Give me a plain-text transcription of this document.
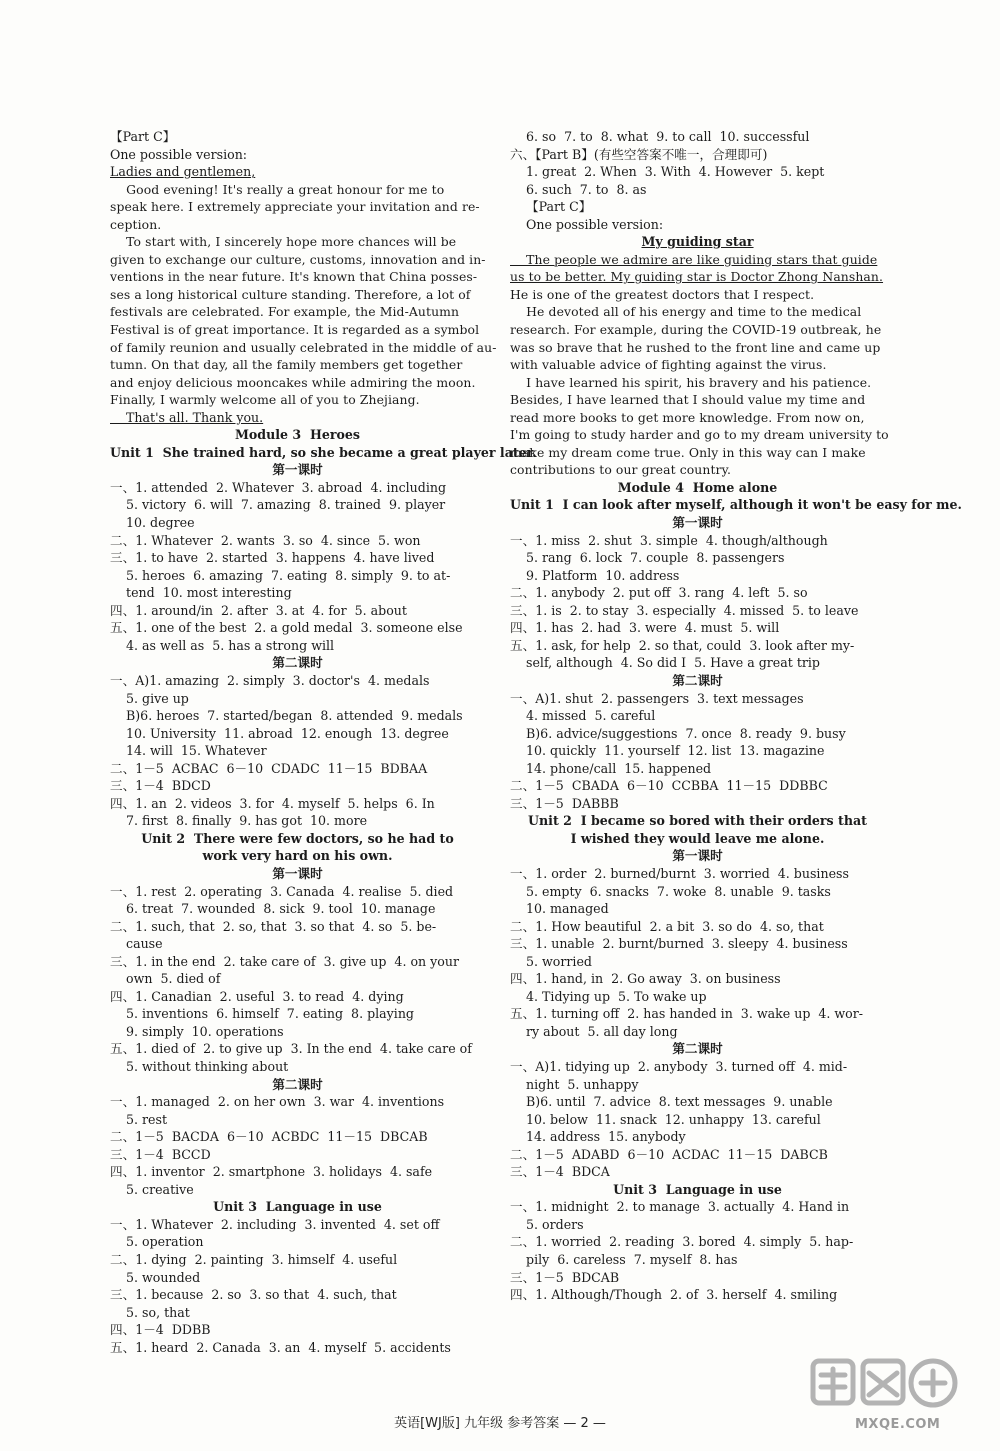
【Part C】
One possible version:
Ladies and gentlemen,
Good evening! It's really a great honour for me to
speak here. I extremely appreciate your invitation and re-
ception.
To start with, I sincerely hope more chances will be
given to exchange our culture, customs, innovation and in-
ventions in the near future. It's known that China posses-
ses a long historical culture standing. Therefore, a lot of
festivals are celebrated. For example, the Mid-Autumn
Festival is of great importance. It is regarded as a symbol
of family reunion and usually celebrated in the middle of au-
tumn. On that day, all the family members get together
and enjoy delicious mooncakes while admiring the moon.
Finally, I warmly welcome all of you to Zhejiang.
That's all. Thank you.
Module 3  Heroes
Unit 1  She trained hard, so she became a great player later.
第一课时
一、1. attended  2. Whatever  3. abroad  4. including
5. victory  6. will  7. amazing  8. trained  9. player
10. degree
二、1. Whatever  2. wants  3. so  4. since  5. won
三、1. to have  2. started  3. happens  4. have lived
5. heroes  6. amazing  7. eating  8. simply  9. to at-
tend  10. most interesting
四、1. around/in  2. after  3. at  4. for  5. about
五、1. one of the best  2. a gold medal  3. someone else
4. as well as  5. has a strong will
第二课时
一、A)1. amazing  2. simply  3. doctor's  4. medals
5. give up
B)6. heroes  7. started/began  8. attended  9. medals
10. University  11. abroad  12. enough  13. degree
14. will  15. Whatever
二、1－5  ACBAC  6－10  CDADC  11－15  BDBAA
三、1－4  BDCD
四、1. an  2. videos  3. for  4. myself  5. helps  6. In
7. first  8. finally  9. has got  10. more
Unit 2  There were few doctors, so he had to
work very hard on his own.
第一课时
一、1. rest  2. operating  3. Canada  4. realise  5. died
6. treat  7. wounded  8. sick  9. tool  10. manage
二、1. such, that  2. so, that  3. so that  4. so  5. be-
cause
三、1. in the end  2. take care of  3. give up  4. on your
own  5. died of
四、1. Canadian  2. useful  3. to read  4. dying
5. inventions  6. himself  7. eating  8. playing
9. simply  10. operations
五、1. died of  2. to give up  3. In the end  4. take care of
5. without thinking about
第二课时
一、1. managed  2. on her own  3. war  4. inventions
5. rest
二、1－5  BACDA  6－10  ACBDC  11－15  DBCAB
三、1－4  BCCD
四、1. inventor  2. smartphone  3. holidays  4. safe
5. creative
Unit 3  Language in use
一、1. Whatever  2. including  3. invented  4. set off
5. operation
二、1. dying  2. painting  3. himself  4. useful
5. wounded
三、1. because  2. so  3. so that  4. such, that
5. so, that
四、1－4  DDBB
五、1. heard  2. Canada  3. an  4. myself  5. accidents
6. so  7. to  8. what  9. to call  10. successful
六、【Part B】(有些空答案不唯一，合理即可)
1. great  2. When  3. With  4. However  5. kept
6. such  7. to  8. as
【Part C】
One possible version:
My guiding star
The people we admire are like guiding stars that guide
us to be better. My guiding star is Doctor Zhong Nanshan.
He is one of the greatest doctors that I respect.
He devoted all of his energy and time to the medical
research. For example, during the COVID-19 outbreak, he
was so brave that he rushed to the front line and came up
with valuable advice of fighting against the virus.
I have learned his spirit, his bravery and his patience.
Besides, I have learned that I should value my time and
read more books to get more knowledge. From now on,
I'm going to study harder and go to my dream university to
make my dream come true. Only in this way can I make
contributions to our great country.
Module 4  Home alone
Unit 1  I can look after myself, although it won't be easy for me.
第一课时
一、1. miss  2. shut  3. simple  4. though/although
5. rang  6. lock  7. couple  8. passengers
9. Platform  10. address
二、1. anybody  2. put off  3. rang  4. left  5. so
三、1. is  2. to stay  3. especially  4. missed  5. to leave
四、1. has  2. had  3. were  4. must  5. will
五、1. ask, for help  2. so that, could  3. look after my-
self, although  4. So did I  5. Have a great trip
第二课时
一、A)1. shut  2. passengers  3. text messages
4. missed  5. careful
B)6. advice/suggestions  7. once  8. ready  9. busy
10. quickly  11. yourself  12. list  13. magazine
14. phone/call  15. happened
二、1－5  CBADA  6－10  CCBBA  11－15  DDBBC
三、1－5  DABBB
Unit 2  I became so bored with their orders that
I wished they would leave me alone.
第一课时
一、1. order  2. burned/burnt  3. worried  4. business
5. empty  6. snacks  7. woke  8. unable  9. tasks
10. managed
二、1. How beautiful  2. a bit  3. so do  4. so, that
三、1. unable  2. burnt/burned  3. sleepy  4. business
5. worried
四、1. hand, in  2. Go away  3. on business
4. Tidying up  5. To wake up
五、1. turning off  2. has handed in  3. wake up  4. wor-
ry about  5. all day long
第二课时
一、A)1. tidying up  2. anybody  3. turned off  4. mid-
night  5. unhappy
B)6. until  7. advice  8. text messages  9. unable
10. below  11. snack  12. unhappy  13. careful
14. address  15. anybody
二、1－5  ADABD  6－10  ACDAC  11－15  DABCB
三、1－4  BDCA
Unit 3  Language in use
一、1. midnight  2. to manage  3. actually  4. Hand in
5. orders
二、1. worried  2. reading  3. bored  4. simply  5. hap-
pily  6. careless  7. myself  8. has
三、1－5  BDCAB
四、1. Although/Though  2. of  3. herself  4. smiling
英语[WJ版] 九年级 参考答案 — 2 —	MXQE.COM
